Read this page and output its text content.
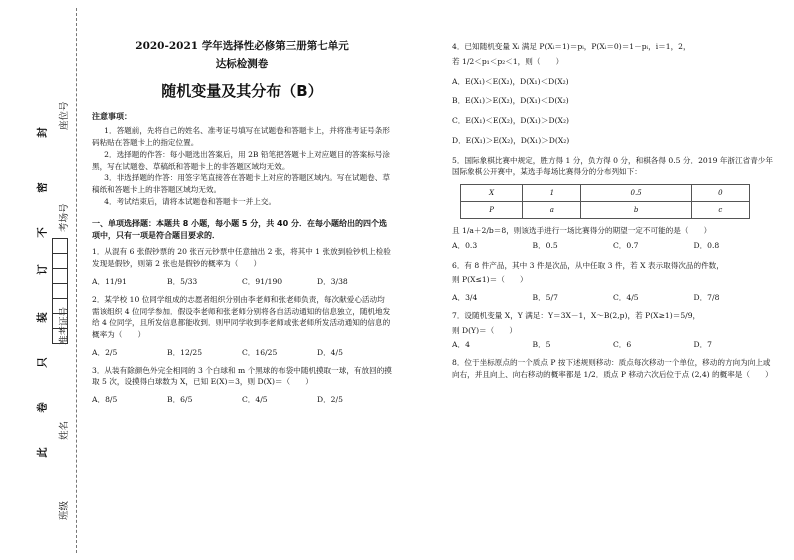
封
密
不
订
装
只
卷
此
座位号
考场号
准考证号
姓名
班级

2020-2021 学年选择性必修第三册第七单元

达标检测卷

随机变量及其分布（B）

注意事项：

1．答题前，先将自己的姓名、准考证号填写在试题卷和答题卡上，并将准考证号条形码粘贴在答题卡上的指定位置。

2．选择题的作答：每小题选出答案后，用 2B 铅笔把答题卡上对应题目的答案标号涂黑，写在试题卷、草稿纸和答题卡上的非答题区域均无效。

3．非选择题的作答：用签字笔直接答在答题卡上对应的答题区域内。写在试题卷、草稿纸和答题卡上的非答题区域均无效。

4．考试结束后，请将本试题卷和答题卡一并上交。

一、单项选择题：本题共 8 小题，每小题 5 分，共 40 分．在每小题给出的四个选项中，只有一项是符合题目要求的．

1．从混有 6 张假钞票的 20 张百元钞票中任意抽出 2 张，将其中 1 张放到验钞机上检验发现是假钞，则第 2 张也是假钞的概率为（　　）

A．11/91	B．5/33	C．91/190	D．3/38

2．某学校 10 位同学组成的志愿者组织分别由李老师和张老师负责，每次献爱心活动均需该组织 4 位同学参加．假设李老师和张老师分别将各自活动通知的信息独立，随机地发给 4 位同学，且所发信息都能收到．则甲同学收到李老师或张老师所发活动通知的信息的概率为（　　）

A．2/5	B．12/25	C．16/25	D．4/5

3．从装有除颜色外完全相同的 3 个白球和 m 个黑球的布袋中随机摸取一球，有放回的摸取 5 次，设摸得白球数为 X，已知 E(X)＝3，则 D(X)＝（　　）

A．8/5	B．6/5	C．4/5	D．2/5

4．已知随机变量 Xᵢ 满足 P(Xᵢ＝1)＝pᵢ，P(Xᵢ＝0)＝1－pᵢ，i＝1，2，

若 1/2＜p₁＜p₂＜1，则（　　）

A．E(X₁)＜E(X₂)，D(X₁)＜D(X₂)

B．E(X₁)＞E(X₂)，D(X₁)＜D(X₂)

C．E(X₁)＜E(X₂)，D(X₁)＞D(X₂)

D．E(X₁)＞E(X₂)，D(X₁)＞D(X₂)

5．国际象棋比赛中规定，胜方得 1 分，负方得 0 分，和棋各得 0.5 分．2019 年浙江省青少年国际象棋公开赛中，某选手每场比赛得分的分布列如下：

X	1	0.5	0
P	a	b	c

且 1/a＋2/b＝8，则该选手进行一场比赛得分的期望一定不可能的是（　　）

A．0.3	B．0.5	C．0.7	D．0.8

6．有 8 件产品，其中 3 件是次品，从中任取 3 件，若 X 表示取得次品的件数，

则 P(X≤1)＝（　　）

A．3/4	B．5/7	C．4/5	D．7/8

7．设随机变量 X，Y 满足：Y＝3X－1，X～B(2,p)，若 P(X≥1)＝5/9，

则 D(Y)＝（　　）

A．4	B．5	C．6	D．7

8．位于坐标原点的一个质点 P 按下述规则移动：质点每次移动一个单位，移动的方向为向上或向右，并且向上、向右移动的概率都是 1/2．质点 P 移动六次后位于点 (2,4) 的概率是（　　）
